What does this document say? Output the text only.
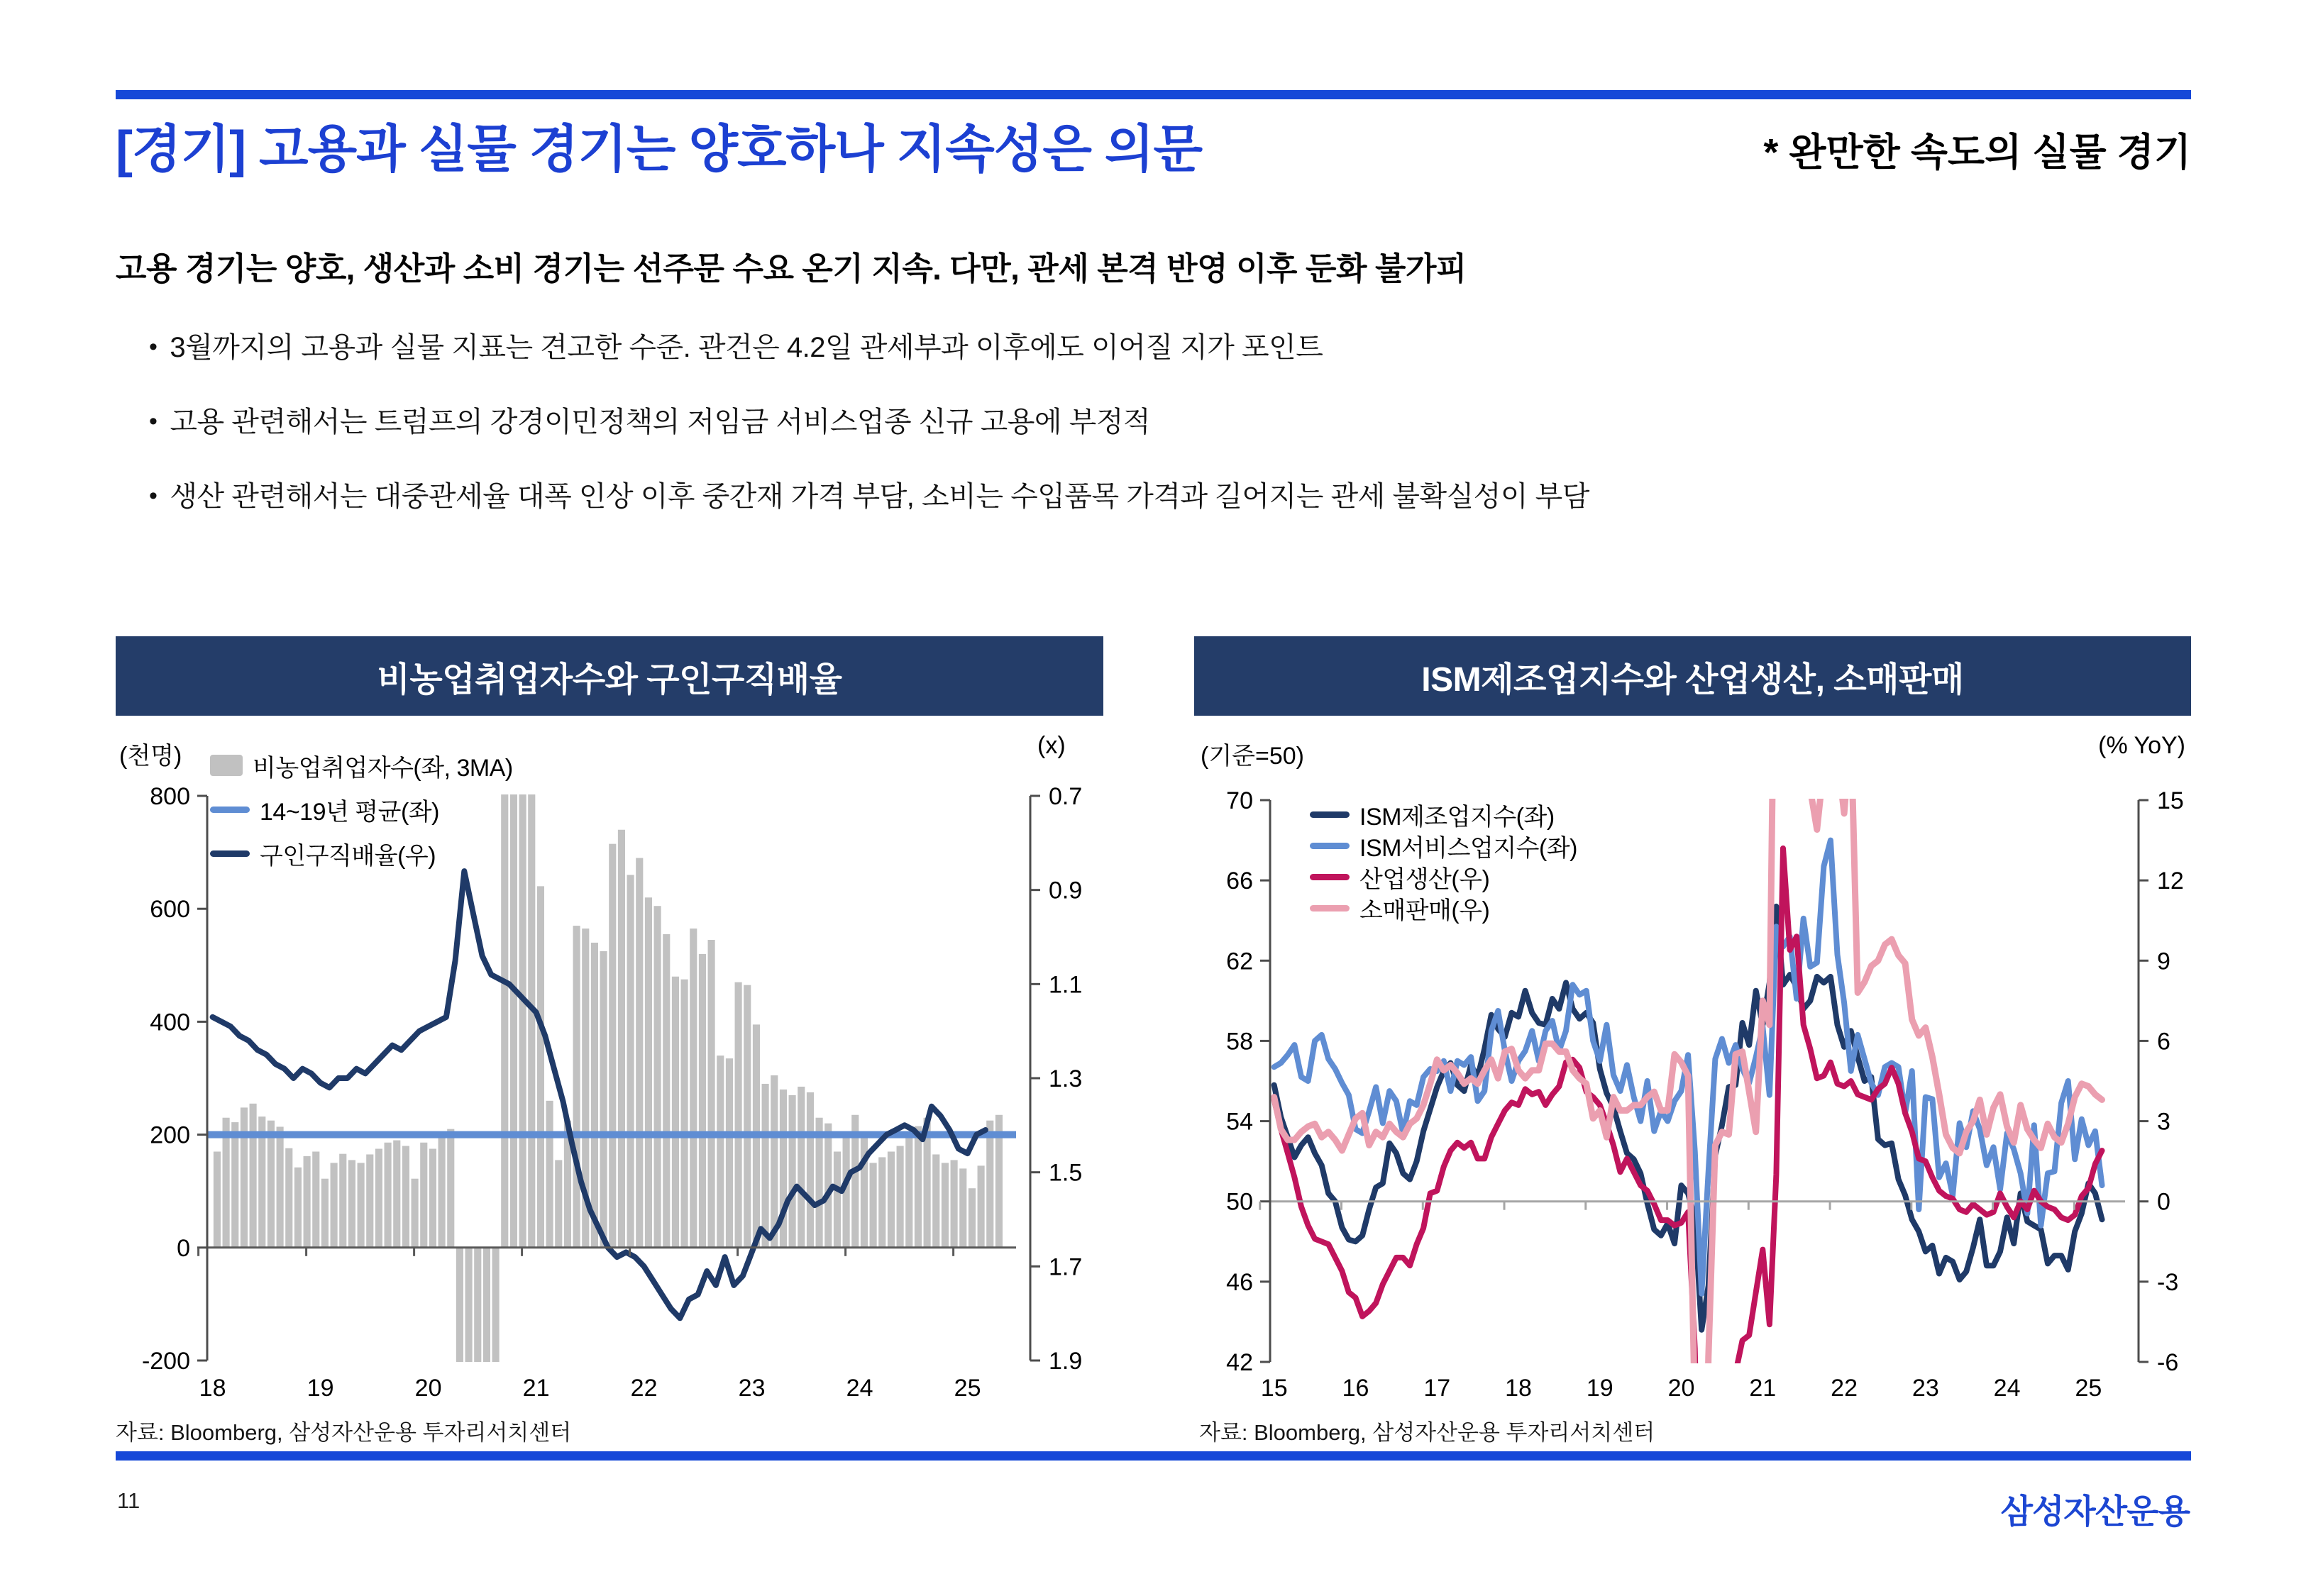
[경기] 고용과 실물 경기는 양호하나 지속성은 의문	* 완만한 속도의 실물 경기
고용 경기는 양호, 생산과 소비 경기는 선주문 수요 온기 지속. 다만, 관세 본격 반영 이후 둔화 불가피
• 3월까지의 고용과 실물 지표는 견고한 수준. 관건은 4.2일 관세부과 이후에도 이어질 지가 포인트
• 고용 관련해서는 트럼프의 강경이민정책의 저임금 서비스업종 신규 고용에 부정적
• 생산 관련해서는 대중관세율 대폭 인상 이후 중간재 가격 부담, 소비는 수입품목 가격과 길어지는 관세 불확실성이 부담
비농업취업자수와 구인구직배율	ISM제조업지수와 산업생산, 소매판매
(천명)	(x)	(기준=50)	(% YoY)
800
600
400
200
0
-200
0.7
0.9
1.1
1.3
1.5
1.7
1.9
18	19	20	21	22	23	24	25
70
66
62
58
54
50
46
42
15
12
9
6
3
0
-3
-6
15 16 17 18 19 20 21 22 23 24 25
비농업취업자수(좌, 3MA)
14~19년 평균(좌)
구인구직배율(우)
ISM제조업지수(좌)
ISM서비스업지수(좌)
산업생산(우)
소매판매(우)
자료: Bloomberg, 삼성자산운용 투자리서치센터	자료: Bloomberg, 삼성자산운용 투자리서치센터
11	삼성자산운용
